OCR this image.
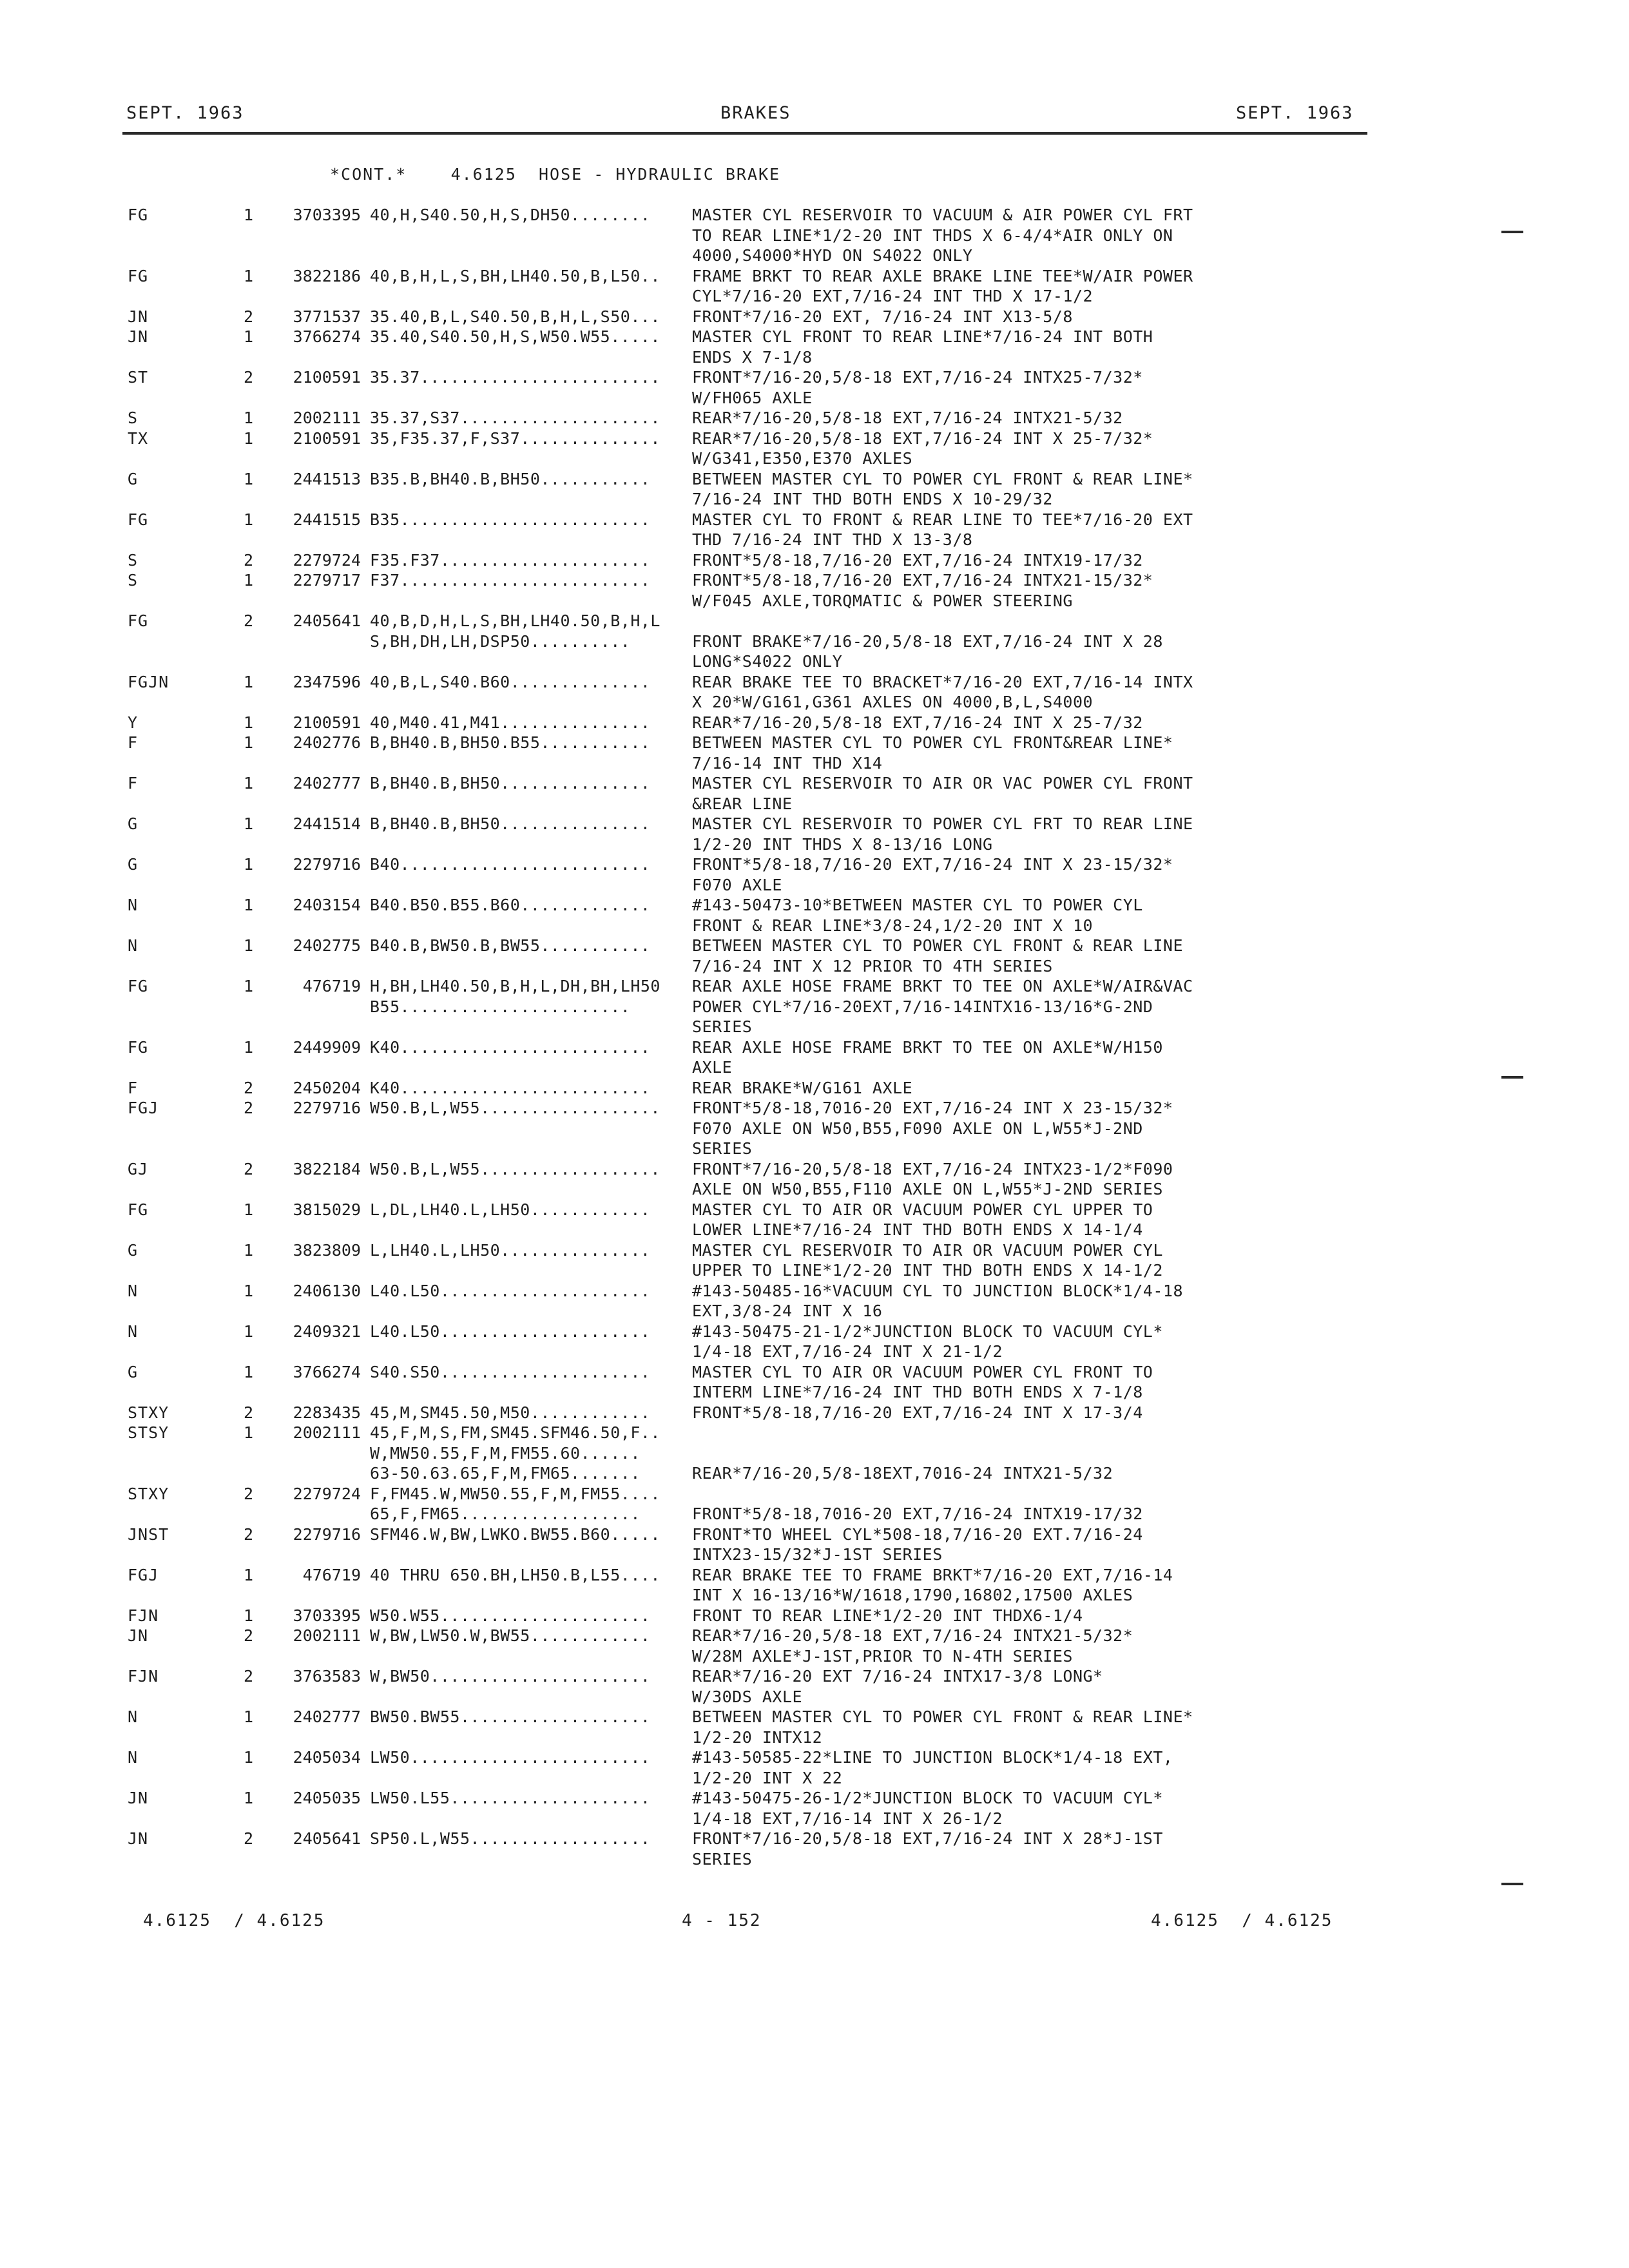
SEPT. 1963	BRAKES	SEPT. 1963
*CONT.*    4.6125  HOSE - HYDRAULIC BRAKE
FG	1	3703395 40,H,S40.50,H,S,DH50........	MASTER CYL RESERVOIR TO VACUUM & AIR POWER CYL FRT
TO REAR LINE*1/2-20 INT THDS X 6-4/4*AIR ONLY ON
4000,S4000*HYD ON S4022 ONLY
FG	1	3822186 40,B,H,L,S,BH,LH40.50,B,L50..	FRAME BRKT TO REAR AXLE BRAKE LINE TEE*W/AIR POWER
CYL*7/16-20 EXT,7/16-24 INT THD X 17-1/2
JN	2	3771537 35.40,B,L,S40.50,B,H,L,S50...	FRONT*7/16-20 EXT, 7/16-24 INT X13-5/8
JN	1	3766274 35.40,S40.50,H,S,W50.W55.....	MASTER CYL FRONT TO REAR LINE*7/16-24 INT BOTH
ENDS X 7-1/8
ST	2	2100591 35.37........................	FRONT*7/16-20,5/8-18 EXT,7/16-24 INTX25-7/32*
W/FH065 AXLE
S	1	2002111 35.37,S37....................	REAR*7/16-20,5/8-18 EXT,7/16-24 INTX21-5/32
TX	1	2100591 35,F35.37,F,S37..............	REAR*7/16-20,5/8-18 EXT,7/16-24 INT X 25-7/32*
W/G341,E350,E370 AXLES
G	1	2441513 B35.B,BH40.B,BH50...........	BETWEEN MASTER CYL TO POWER CYL FRONT & REAR LINE*
7/16-24 INT THD BOTH ENDS X 10-29/32
FG	1	2441515 B35.........................	MASTER CYL TO FRONT & REAR LINE TO TEE*7/16-20 EXT
THD 7/16-24 INT THD X 13-3/8
S	2	2279724 F35.F37.....................	FRONT*5/8-18,7/16-20 EXT,7/16-24 INTX19-17/32
S	1	2279717 F37.........................	FRONT*5/8-18,7/16-20 EXT,7/16-24 INTX21-15/32*
W/F045 AXLE,TORQMATIC & POWER STEERING
FG	2	2405641 40,B,D,H,L,S,BH,LH40.50,B,H,L
S,BH,DH,LH,DSP50..........	FRONT BRAKE*7/16-20,5/8-18 EXT,7/16-24 INT X 28
LONG*S4022 ONLY
FGJN	1	2347596 40,B,L,S40.B60..............	REAR BRAKE TEE TO BRACKET*7/16-20 EXT,7/16-14 INTX
X 20*W/G161,G361 AXLES ON 4000,B,L,S4000
Y	1	2100591 40,M40.41,M41...............	REAR*7/16-20,5/8-18 EXT,7/16-24 INT X 25-7/32
F	1	2402776 B,BH40.B,BH50.B55...........	BETWEEN MASTER CYL TO POWER CYL FRONT&REAR LINE*
7/16-14 INT THD X14
F	1	2402777 B,BH40.B,BH50...............	MASTER CYL RESERVOIR TO AIR OR VAC POWER CYL FRONT
&REAR LINE
G	1	2441514 B,BH40.B,BH50...............	MASTER CYL RESERVOIR TO POWER CYL FRT TO REAR LINE
1/2-20 INT THDS X 8-13/16 LONG
G	1	2279716 B40.........................	FRONT*5/8-18,7/16-20 EXT,7/16-24 INT X 23-15/32*
F070 AXLE
N	1	2403154 B40.B50.B55.B60.............	#143-50473-10*BETWEEN MASTER CYL TO POWER CYL
FRONT & REAR LINE*3/8-24,1/2-20 INT X 10
N	1	2402775 B40.B,BW50.B,BW55...........	BETWEEN MASTER CYL TO POWER CYL FRONT & REAR LINE
7/16-24 INT X 12 PRIOR TO 4TH SERIES
FG	1	476719 H,BH,LH40.50,B,H,L,DH,BH,LH50	REAR AXLE HOSE FRAME BRKT TO TEE ON AXLE*W/AIR&VAC
B55.......................	POWER CYL*7/16-20EXT,7/16-14INTX16-13/16*G-2ND
SERIES
FG	1	2449909 K40.........................	REAR AXLE HOSE FRAME BRKT TO TEE ON AXLE*W/H150
AXLE
F	2	2450204 K40.........................	REAR BRAKE*W/G161 AXLE
FGJ	2	2279716 W50.B,L,W55..................	FRONT*5/8-18,7016-20 EXT,7/16-24 INT X 23-15/32*
F070 AXLE ON W50,B55,F090 AXLE ON L,W55*J-2ND
SERIES
GJ	2	3822184 W50.B,L,W55..................	FRONT*7/16-20,5/8-18 EXT,7/16-24 INTX23-1/2*F090
AXLE ON W50,B55,F110 AXLE ON L,W55*J-2ND SERIES
FG	1	3815029 L,DL,LH40.L,LH50............	MASTER CYL TO AIR OR VACUUM POWER CYL UPPER TO
LOWER LINE*7/16-24 INT THD BOTH ENDS X 14-1/4
G	1	3823809 L,LH40.L,LH50...............	MASTER CYL RESERVOIR TO AIR OR VACUUM POWER CYL
UPPER TO LINE*1/2-20 INT THD BOTH ENDS X 14-1/2
N	1	2406130 L40.L50.....................	#143-50485-16*VACUUM CYL TO JUNCTION BLOCK*1/4-18
EXT,3/8-24 INT X 16
N	1	2409321 L40.L50.....................	#143-50475-21-1/2*JUNCTION BLOCK TO VACUUM CYL*
1/4-18 EXT,7/16-24 INT X 21-1/2
G	1	3766274 S40.S50.....................	MASTER CYL TO AIR OR VACUUM POWER CYL FRONT TO
INTERM LINE*7/16-24 INT THD BOTH ENDS X 7-1/8
STXY	2	2283435 45,M,SM45.50,M50............	FRONT*5/8-18,7/16-20 EXT,7/16-24 INT X 17-3/4
STSY	1	2002111 45,F,M,S,FM,SM45.SFM46.50,F..
W,MW50.55,F,M,FM55.60......
63-50.63.65,F,M,FM65.......	REAR*7/16-20,5/8-18EXT,7016-24 INTX21-5/32
STXY	2	2279724 F,FM45.W,MW50.55,F,M,FM55....
65,F,FM65..................	FRONT*5/8-18,7016-20 EXT,7/16-24 INTX19-17/32
JNST	2	2279716 SFM46.W,BW,LWKO.BW55.B60.....	FRONT*TO WHEEL CYL*508-18,7/16-20 EXT.7/16-24
INTX23-15/32*J-1ST SERIES
FGJ	1	476719 40 THRU 650.BH,LH50.B,L55....	REAR BRAKE TEE TO FRAME BRKT*7/16-20 EXT,7/16-14
INT X 16-13/16*W/1618,1790,16802,17500 AXLES
FJN	1	3703395 W50.W55.....................	FRONT TO REAR LINE*1/2-20 INT THDX6-1/4
JN	2	2002111 W,BW,LW50.W,BW55............	REAR*7/16-20,5/8-18 EXT,7/16-24 INTX21-5/32*
W/28M AXLE*J-1ST,PRIOR TO N-4TH SERIES
FJN	2	3763583 W,BW50......................	REAR*7/16-20 EXT 7/16-24 INTX17-3/8 LONG*
W/30DS AXLE
N	1	2402777 BW50.BW55...................	BETWEEN MASTER CYL TO POWER CYL FRONT & REAR LINE*
1/2-20 INTX12
N	1	2405034 LW50........................	#143-50585-22*LINE TO JUNCTION BLOCK*1/4-18 EXT,
1/2-20 INT X 22
JN	1	2405035 LW50.L55....................	#143-50475-26-1/2*JUNCTION BLOCK TO VACUUM CYL*
1/4-18 EXT,7/16-14 INT X 26-1/2
JN	2	2405641 SP50.L,W55..................	FRONT*7/16-20,5/8-18 EXT,7/16-24 INT X 28*J-1ST
SERIES
4.6125  / 4.6125	4 - 152	4.6125  / 4.6125
